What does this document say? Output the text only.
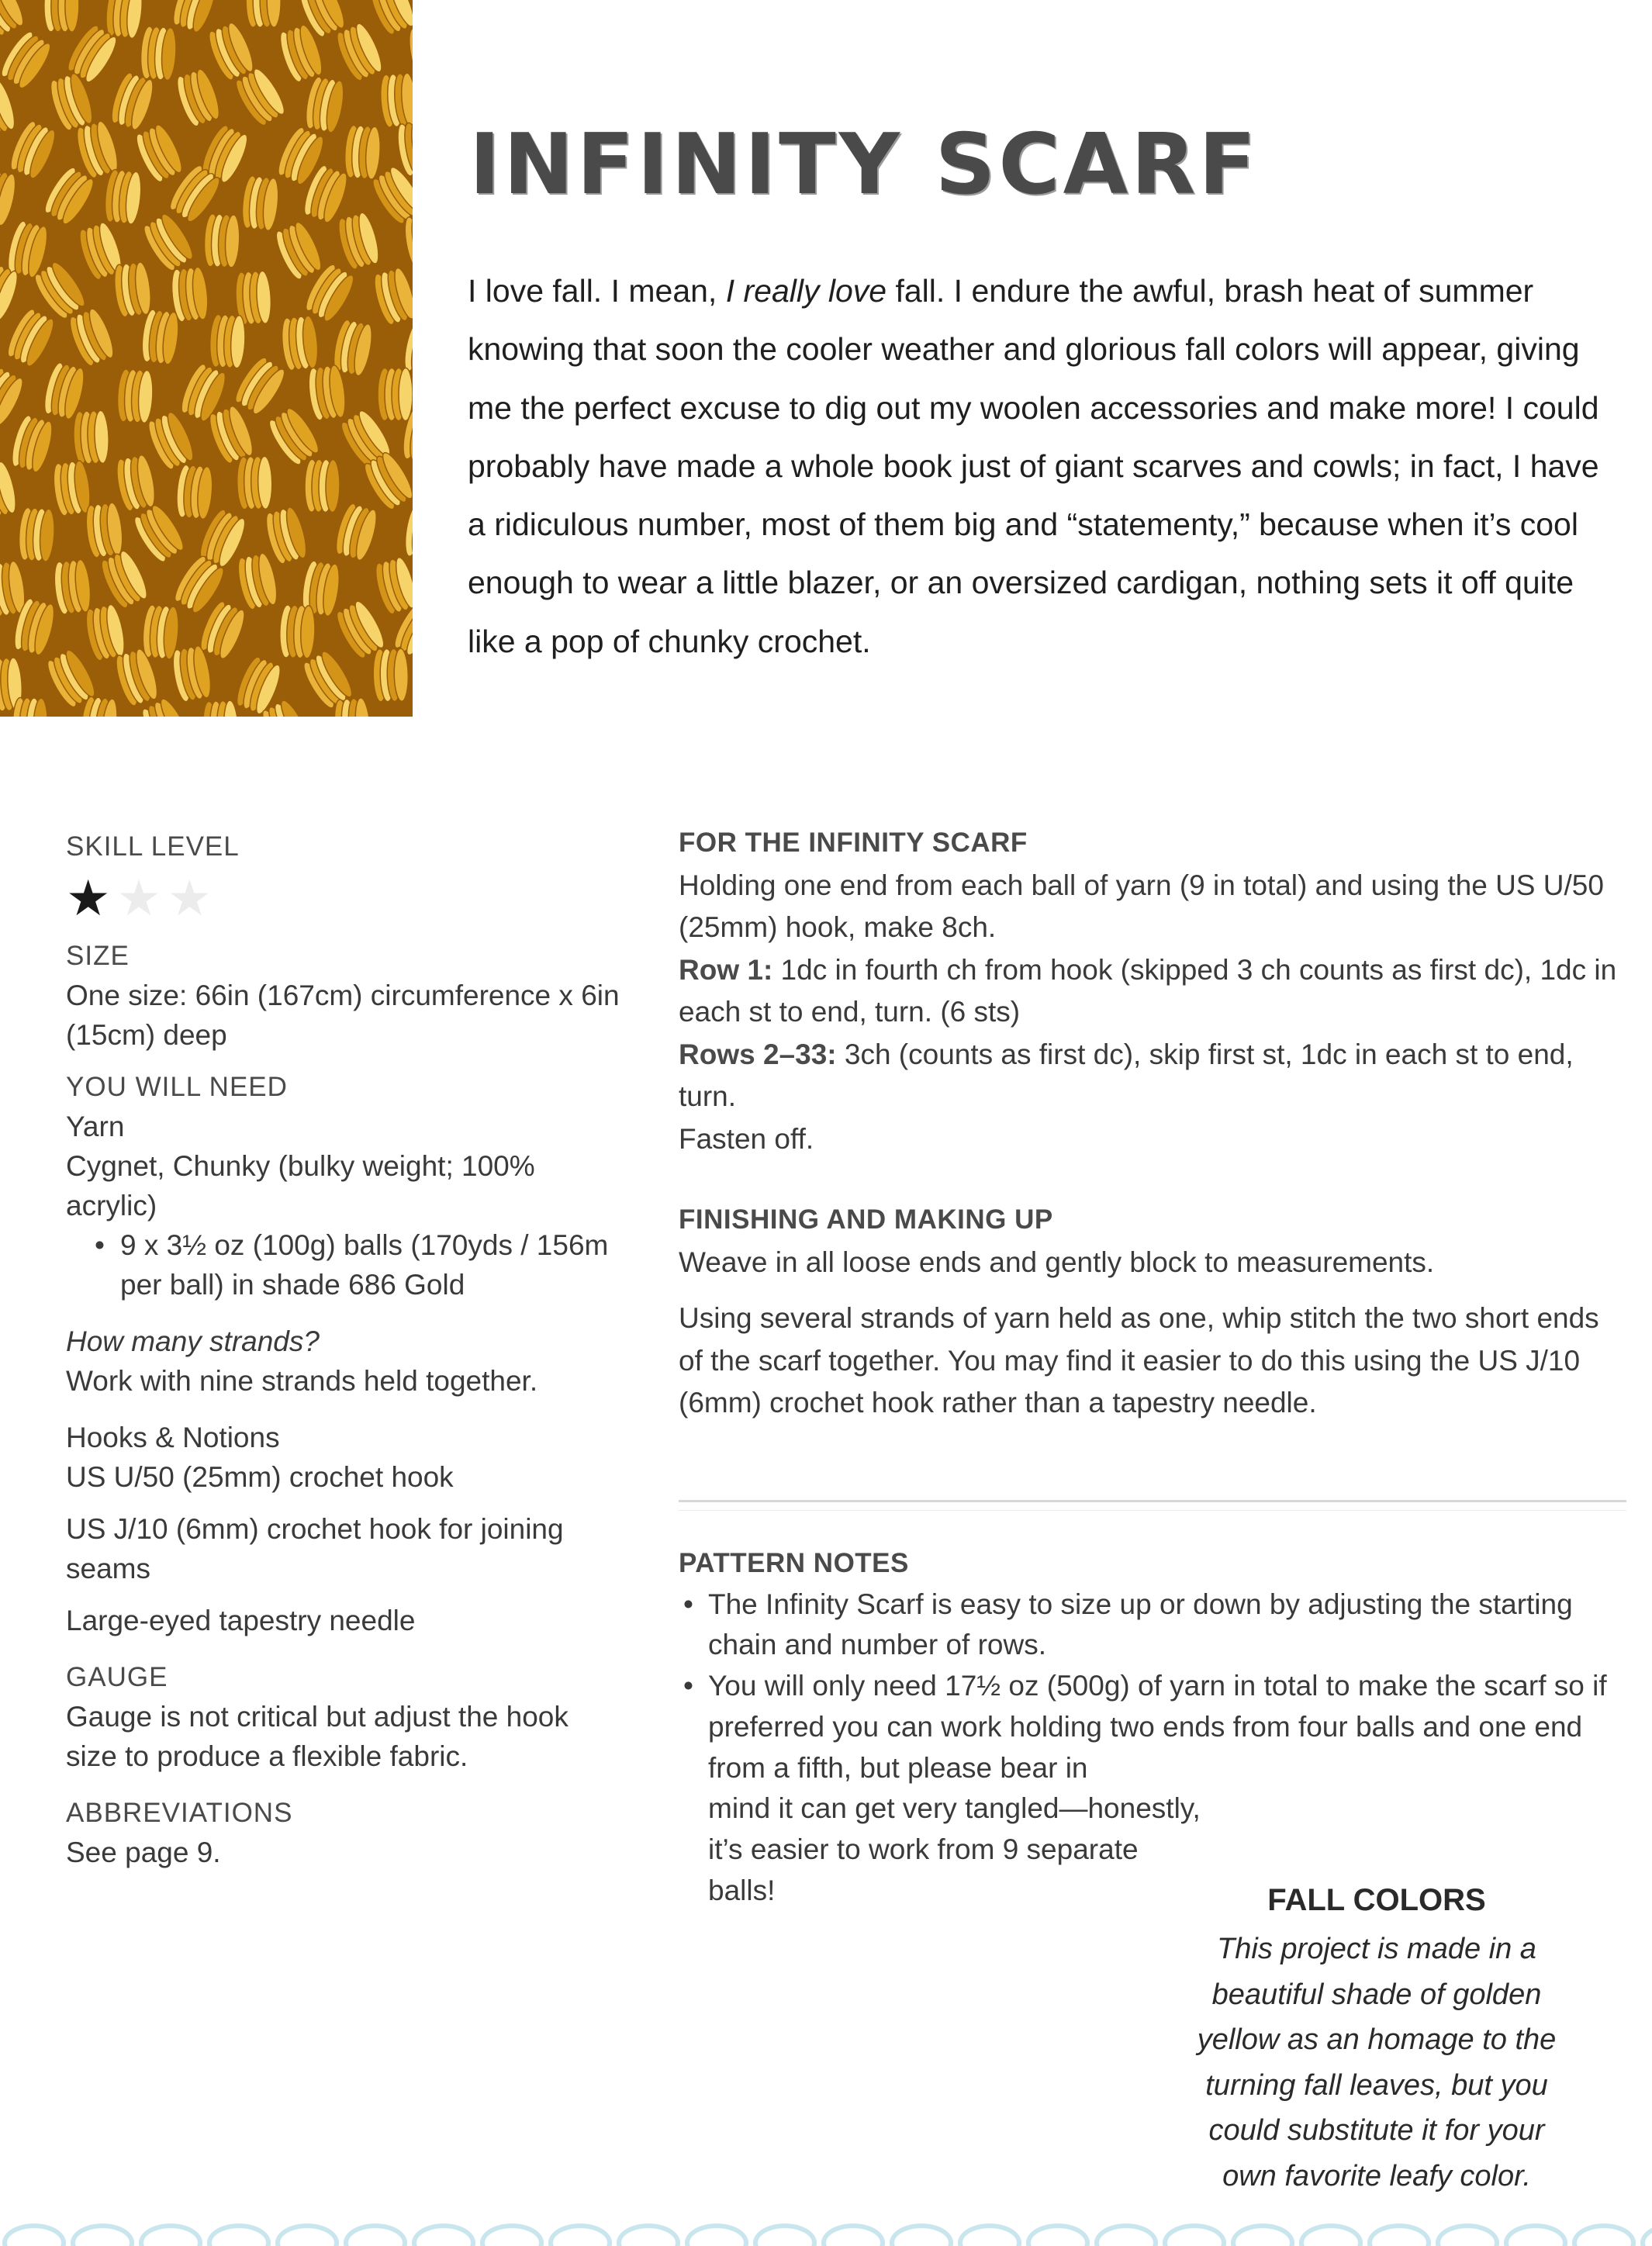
INFINITY SCARF

I love fall. I mean, I really love fall. I endure the awful, brash heat of summer knowing that soon the cooler weather and glorious fall colors will appear, giving me the perfect excuse to dig out my woolen accessories and make more! I could probably have made a whole book just of giant scarves and cowls; in fact, I have a ridiculous number, most of them big and “statementy,” because when it’s cool enough to wear a little blazer, or an oversized cardigan, nothing sets it off quite like a pop of chunky crochet.

SKILL LEVEL
★ ★ ★
SIZE
One size: 66in (167cm) circumference x 6in (15cm) deep
YOU WILL NEED
Yarn
Cygnet, Chunky (bulky weight; 100% acrylic)
• 9 x 3½ oz (100g) balls (170yds / 156m per ball) in shade 686 Gold
How many strands?
Work with nine strands held together.
Hooks & Notions
US U/50 (25mm) crochet hook
US J/10 (6mm) crochet hook for joining seams
Large-eyed tapestry needle
GAUGE
Gauge is not critical but adjust the hook size to produce a flexible fabric.
ABBREVIATIONS
See page 9.
FOR THE INFINITY SCARF
Holding one end from each ball of yarn (9 in total) and using the US U/50 (25mm) hook, make 8ch.
Row 1: 1dc in fourth ch from hook (skipped 3 ch counts as first dc), 1dc in each st to end, turn. (6 sts)
Rows 2–33: 3ch (counts as first dc), skip first st, 1dc in each st to end, turn.
Fasten off.
FINISHING AND MAKING UP
Weave in all loose ends and gently block to measurements.
Using several strands of yarn held as one, whip stitch the two short ends of the scarf together. You may find it easier to do this using the US J/10 (6mm) crochet hook rather than a tapestry needle.
PATTERN NOTES
• The Infinity Scarf is easy to size up or down by adjusting the starting chain and number of rows.
• You will only need 17½ oz (500g) of yarn in total to make the scarf so if preferred you can work holding two ends from four balls and one end from a fifth, but please bear in
mind it can get very tangled—honestly, it’s easier to work from 9 separate balls!	FALL COLORS
This project is made in a beautiful shade of golden yellow as an homage to the turning fall leaves, but you could substitute it for your own favorite leafy color.
